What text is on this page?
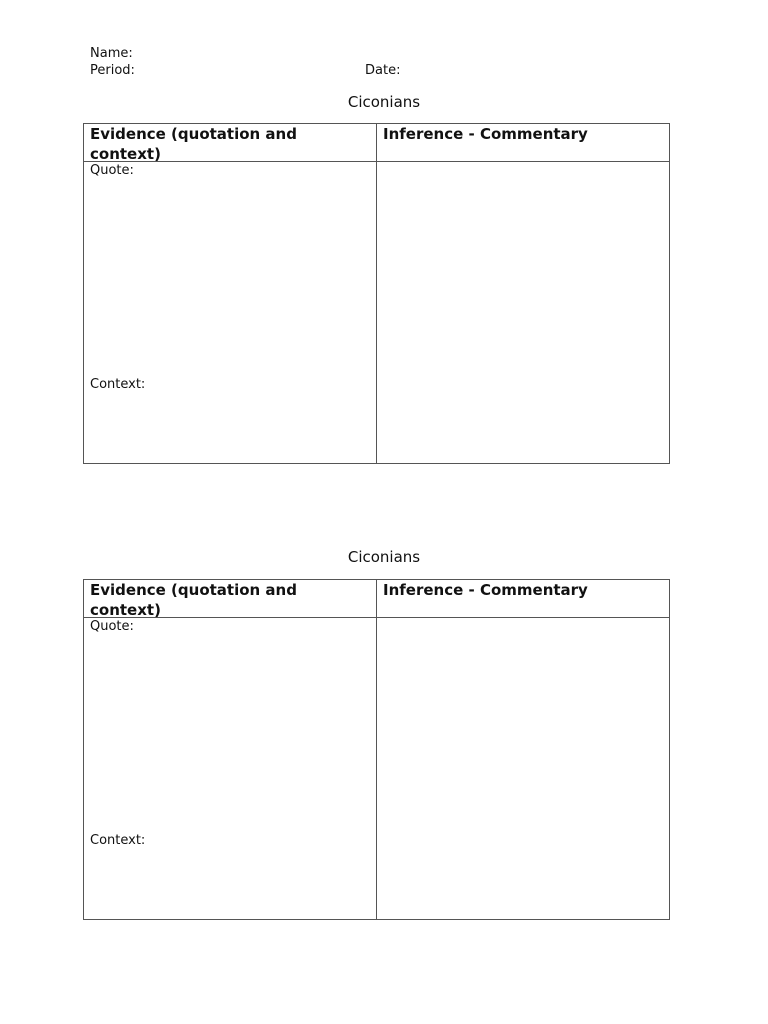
Name:
Period:	Date:
Ciconians
Evidence (quotation and context)
Inference - Commentary
Quote:
Context:
Ciconians
Evidence (quotation and context)
Inference - Commentary
Quote:
Context:
